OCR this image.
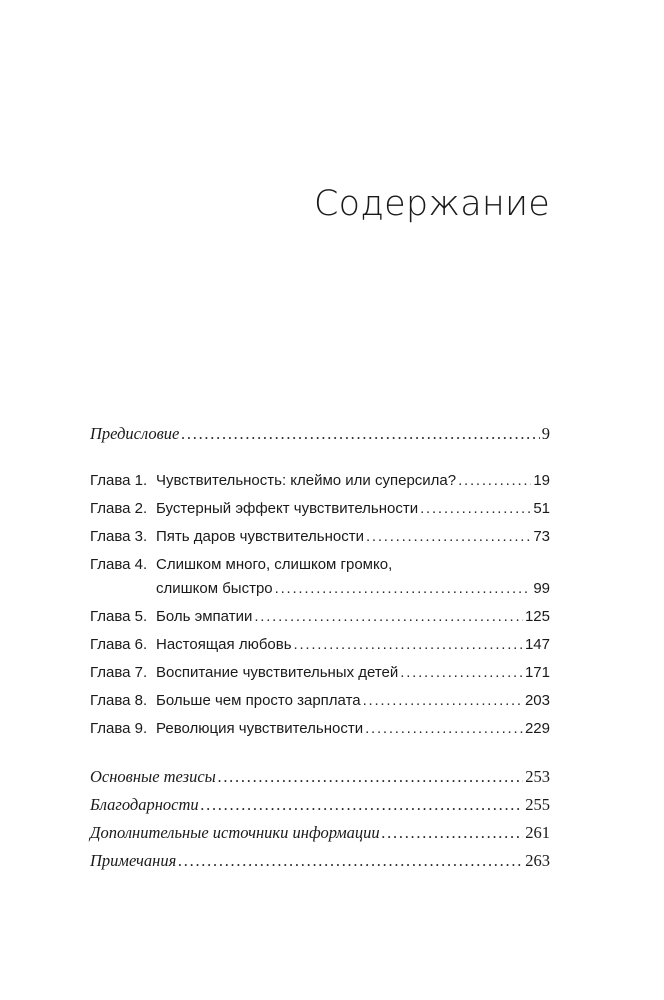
Содержание
Предисловие . . .	9
Глава 1. Чувствительность: клеймо или суперсила? . . .	19
Глава 2. Бустерный эффект чувствительности . . .	51
Глава 3. Пять даров чувствительности . . .	73
Глава 4. Слишком много, слишком громко,
слишком быстро . . .	99
Глава 5. Боль эмпатии . . .	125
Глава 6. Настоящая любовь . . .	147
Глава 7. Воспитание чувствительных детей . . .	171
Глава 8. Больше чем просто зарплата . . .	203
Глава 9. Революция чувствительности . . .	229
Основные тезисы . . .	253
Благодарности . . .	255
Дополнительные источники информации . . .	261
Примечания . . .	263
